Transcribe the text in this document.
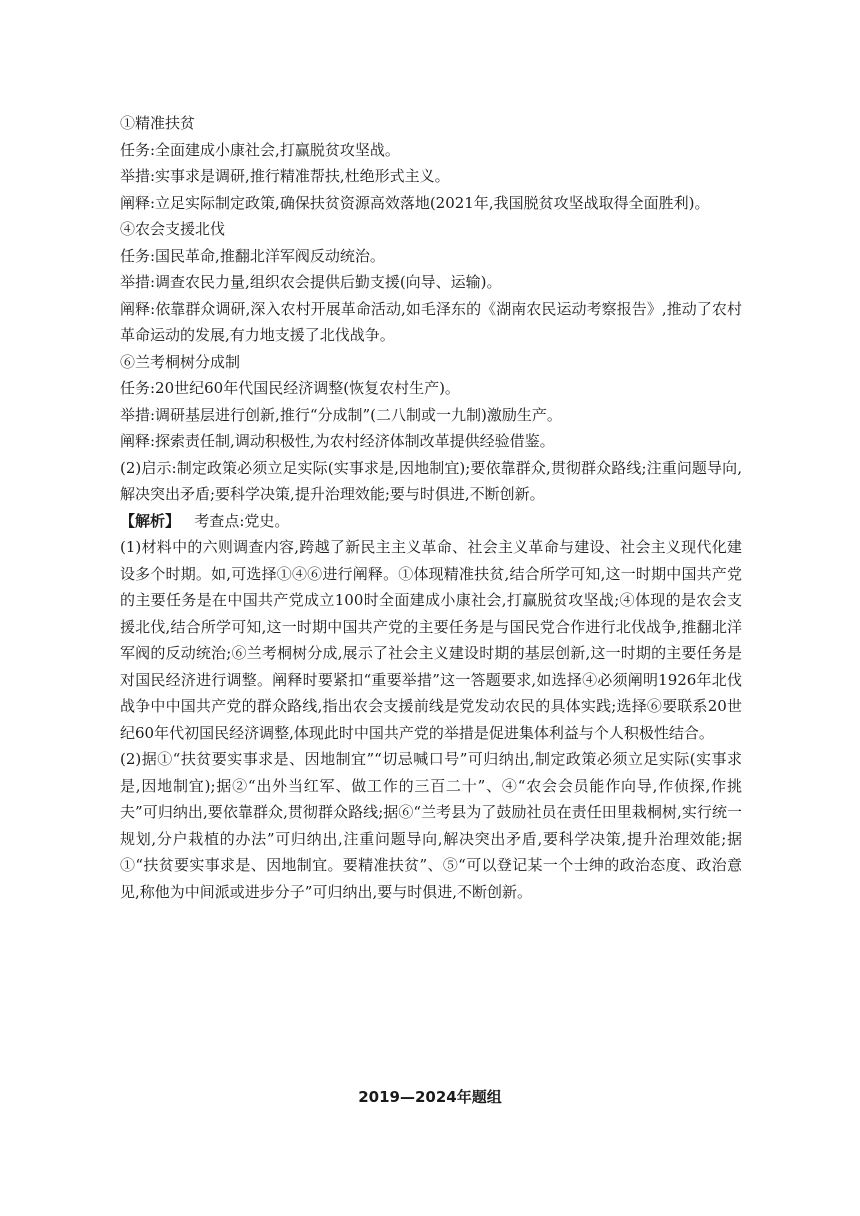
①精准扶贫

任务:全面建成小康社会,打赢脱贫攻坚战。

举措:实事求是调研,推行精准帮扶,杜绝形式主义。

阐释:立足实际制定政策,确保扶贫资源高效落地(2021年,我国脱贫攻坚战取得全面胜利)。

④农会支援北伐

任务:国民革命,推翻北洋军阀反动统治。

举措:调查农民力量,组织农会提供后勤支援(向导、运输)。

阐释:依靠群众调研,深入农村开展革命活动,如毛泽东的《湖南农民运动考察报告》,推动了农村革命运动的发展,有力地支援了北伐战争。

⑥兰考桐树分成制

任务:20世纪60年代国民经济调整(恢复农村生产)。

举措:调研基层进行创新,推行“分成制”(二八制或一九制)激励生产。

阐释:探索责任制,调动积极性,为农村经济体制改革提供经验借鉴。

(2)启示:制定政策必须立足实际(实事求是,因地制宜);要依靠群众,贯彻群众路线;注重问题导向,解决突出矛盾;要科学决策,提升治理效能;要与时俱进,不断创新。

【解析】 考查点:党史。

(1)材料中的六则调查内容,跨越了新民主主义革命、社会主义革命与建设、社会主义现代化建设多个时期。如,可选择①④⑥进行阐释。①体现精准扶贫,结合所学可知,这一时期中国共产党的主要任务是在中国共产党成立100时全面建成小康社会,打赢脱贫攻坚战;④体现的是农会支援北伐,结合所学可知,这一时期中国共产党的主要任务是与国民党合作进行北伐战争,推翻北洋军阀的反动统治;⑥兰考桐树分成,展示了社会主义建设时期的基层创新,这一时期的主要任务是对国民经济进行调整。阐释时要紧扣“重要举措”这一答题要求,如选择④必须阐明1926年北伐战争中中国共产党的群众路线,指出农会支援前线是党发动农民的具体实践;选择⑥要联系20世纪60年代初国民经济调整,体现此时中国共产党的举措是促进集体利益与个人积极性结合。

(2)据①“扶贫要实事求是、因地制宜”“切忌喊口号”可归纳出,制定政策必须立足实际(实事求是,因地制宜);据②“出外当红军、做工作的三百二十”、④“农会会员能作向导,作侦探,作挑夫”可归纳出,要依靠群众,贯彻群众路线;据⑥“兰考县为了鼓励社员在责任田里栽桐树,实行统一规划,分户栽植的办法”可归纳出,注重问题导向,解决突出矛盾,要科学决策,提升治理效能;据①“扶贫要实事求是、因地制宜。要精准扶贫”、⑤“可以登记某一个士绅的政治态度、政治意见,称他为中间派或进步分子”可归纳出,要与时俱进,不断创新。

2019—2024年题组
